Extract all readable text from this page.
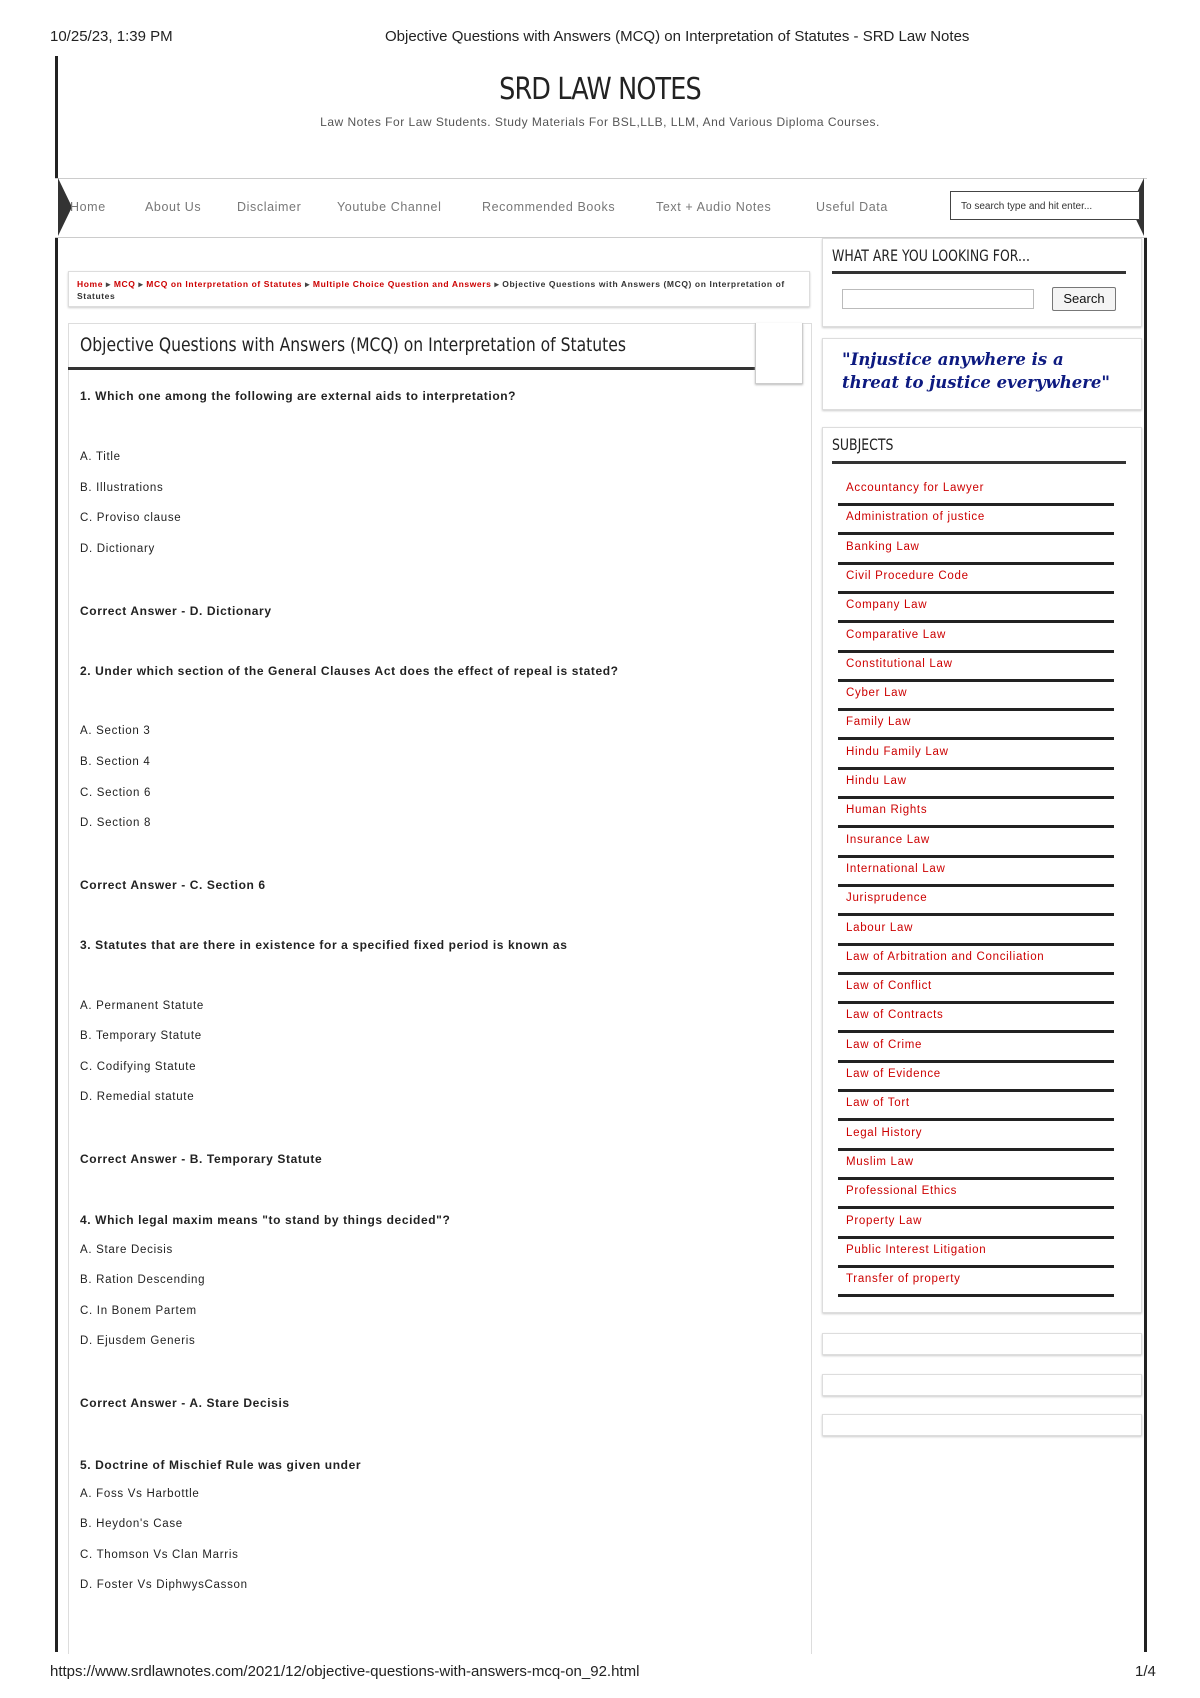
10/25/23, 1:39 PM	Objective Questions with Answers (MCQ) on Interpretation of Statutes - SRD Law Notes
https://www.srdlawnotes.com/2021/12/objective-questions-with-answers-mcq-on_92.html	1/4
SRD LAW NOTES
Law Notes For Law Students. Study Materials For BSL,LLB, LLM, And Various Diploma Courses.
Home	About Us	Disclaimer	Youtube Channel	Recommended Books	Text + Audio Notes	Useful Data	To search type and hit enter...
Home ▸ MCQ ▸ MCQ on Interpretation of Statutes ▸ Multiple Choice Question and Answers ▸ Objective Questions with Answers (MCQ) on Interpretation of Statutes
Objective Questions with Answers (MCQ) on Interpretation of Statutes
1. Which one among the following are external aids to interpretation?
A. Title
B. Illustrations
C. Proviso clause
D. Dictionary
Correct Answer - D. Dictionary
2. Under which section of the General Clauses Act does the effect of repeal is stated?
A. Section 3
B. Section 4
C. Section 6
D. Section 8
Correct Answer - C. Section 6
3. Statutes that are there in existence for a specified fixed period is known as
A. Permanent Statute
B. Temporary Statute
C. Codifying Statute
D. Remedial statute
Correct Answer - B. Temporary Statute
4. Which legal maxim means "to stand by things decided"?
A. Stare Decisis
B. Ration Descending
C. In Bonem Partem
D. Ejusdem Generis
Correct Answer - A. Stare Decisis
5. Doctrine of Mischief Rule was given under
A. Foss Vs Harbottle
B. Heydon's Case
C. Thomson Vs Clan Marris
D. Foster Vs DiphwysCasson
WHAT ARE YOU LOOKING FOR...
Search
"Injustice anywhere is a threat to justice everywhere"
SUBJECTS
Accountancy for Lawyer
Administration of justice
Banking Law
Civil Procedure Code
Company Law
Comparative Law
Constitutional Law
Cyber Law
Family Law
Hindu Family Law
Hindu Law
Human Rights
Insurance Law
International Law
Jurisprudence
Labour Law
Law of Arbitration and Conciliation
Law of Conflict
Law of Contracts
Law of Crime
Law of Evidence
Law of Tort
Legal History
Muslim Law
Professional Ethics
Property Law
Public Interest Litigation
Transfer of property
